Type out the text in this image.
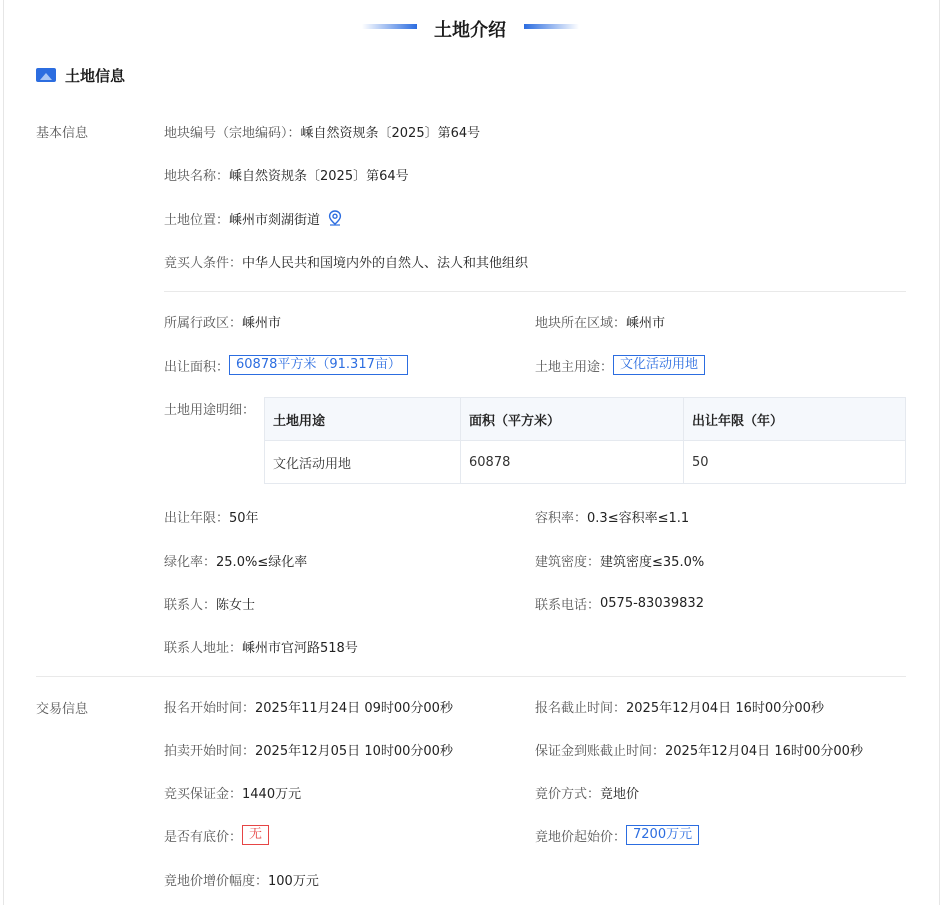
土地介绍
土地信息
基本信息	地块编号（宗地编码）： 嵊自然资规条〔2025〕第64号
地块名称： 嵊自然资规条〔2025〕第64号
土地位置： 嵊州市剡湖街道
竟买人条件： 中华人民共和国境内外的自然人、法人和其他组织
所属行政区： 嵊州市	地块所在区域： 嵊州市
出让面积： 60878平方米（91.317亩）	土地主用途： 文化活动用地
土地用途明细：
土地用途	面积（平方米）	出让年限（年）
文化活动用地	60878	50
出让年限： 50年	容积率： 0.3≤容积率≤1.1
绿化率： 25.0%≤绿化率	建筑密度： 建筑密度≤35.0%
联系人： 陈女士	联系电话： 0575-83039832
联系人地址： 嵊州市官河路518号
交易信息	报名开始时间： 2025年11月24日 09时00分00秒	报名截止时间： 2025年12月04日 16时00分00秒
拍卖开始时间： 2025年12月05日 10时00分00秒	保证金到账截止时间： 2025年12月04日 16时00分00秒
竞买保证金： 1440万元	竟价方式： 竟地价
是否有底价： 无	竟地价起始价： 7200万元
竟地价增价幅度： 100万元
